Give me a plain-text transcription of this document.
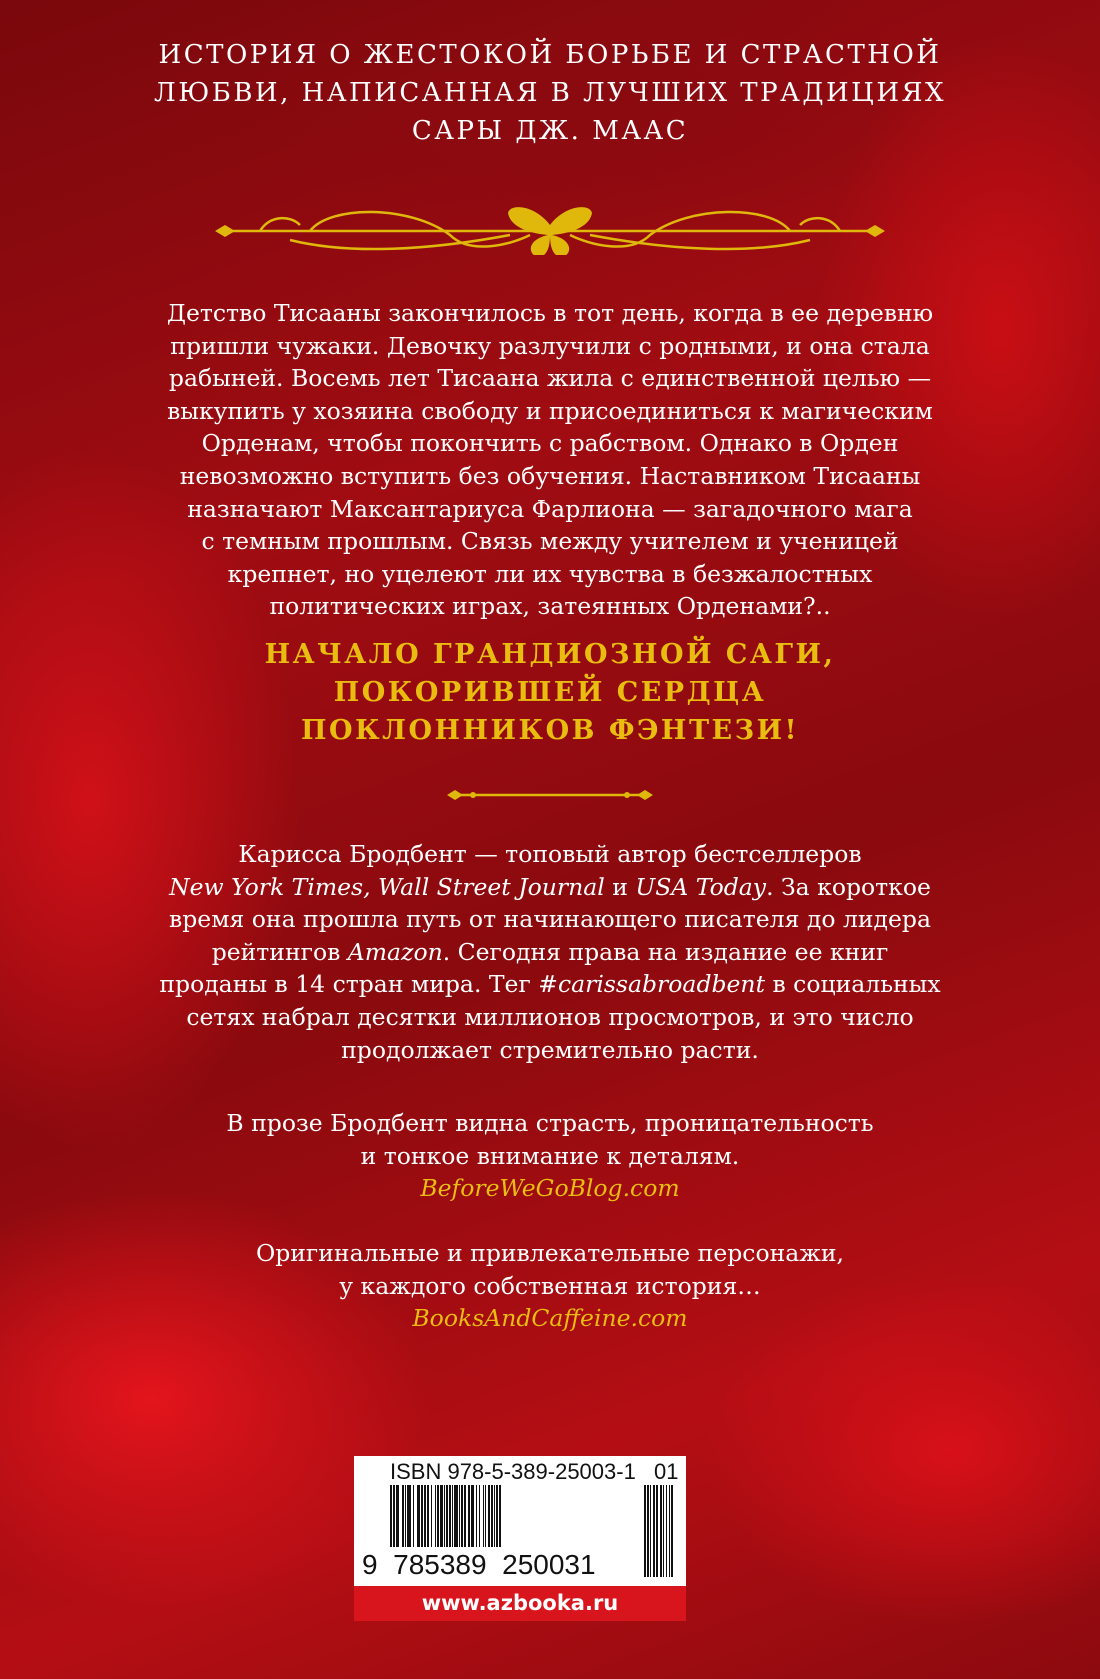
ИСТОРИЯ О ЖЕСТОКОЙ БОРЬБЕ И СТРАСТНОЙ
ЛЮБВИ, НАПИСАННАЯ В ЛУЧШИХ ТРАДИЦИЯХ
САРЫ ДЖ. МААС
Детство Тисааны закончилось в тот день, когда в ее деревню
пришли чужаки. Девочку разлучили с родными, и она стала
рабыней. Восемь лет Тисаана жила с единственной целью —
выкупить у хозяина свободу и присоединиться к магическим
Орденам, чтобы покончить с рабством. Однако в Орден
невозможно вступить без обучения. Наставником Тисааны
назначают Максантариуса Фарлиона — загадочного мага
с темным прошлым. Связь между учителем и ученицей
крепнет, но уцелеют ли их чувства в безжалостных
политических играх, затеянных Орденами?..
НАЧАЛО ГРАНДИОЗНОЙ САГИ,
ПОКОРИВШЕЙ СЕРДЦА
ПОКЛОННИКОВ ФЭНТЕЗИ!
Карисса Бродбент — топовый автор бестселлеров
New York Times, Wall Street Journal и USA Today. За короткое
время она прошла путь от начинающего писателя до лидера
рейтингов Amazon. Сегодня права на издание ее книг
проданы в 14 стран мира. Тег #carissabroadbent в социальных
сетях набрал десятки миллионов просмотров, и это число
продолжает стремительно расти.
В прозе Бродбент видна страсть, проницательность
и тонкое внимание к деталям.
BeforeWeGoBlog.com
Оригинальные и привлекательные персонажи,
у каждого собственная история…
BooksAndCaffeine.com
ISBN 978-5-389-25003-1 01
9  785389  250031
www.azbooka.ru
